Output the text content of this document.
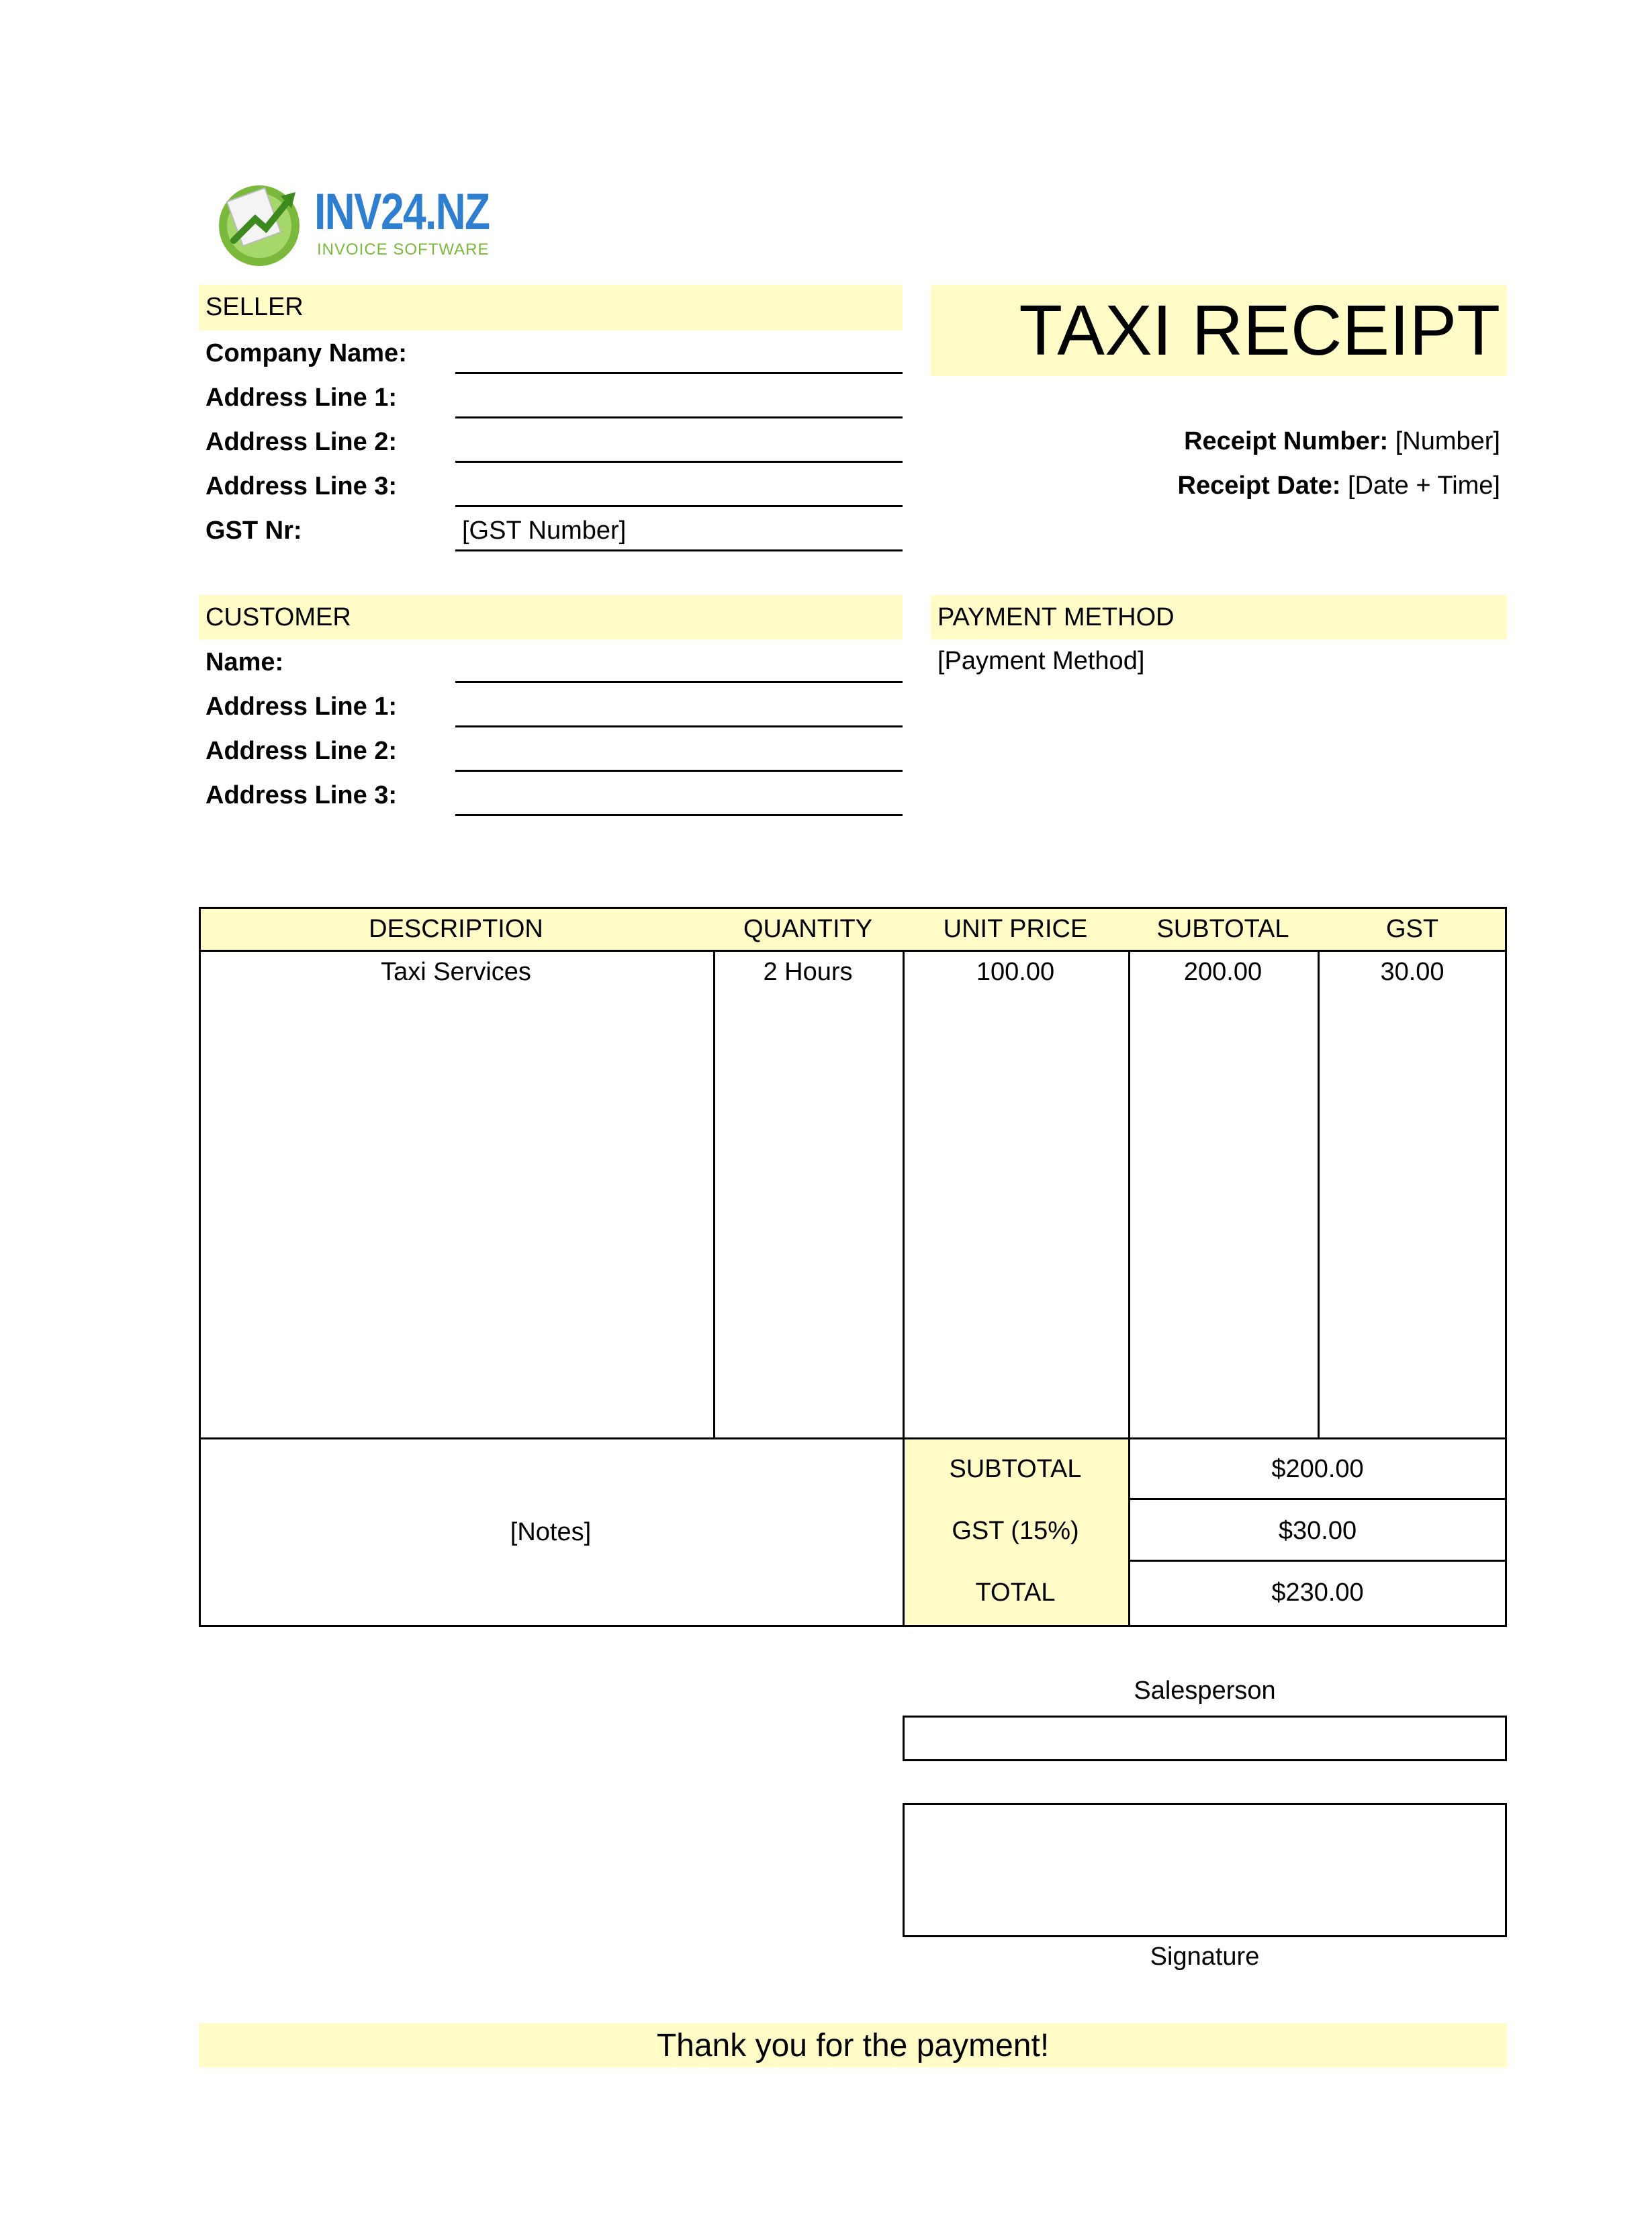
INV24.NZ
INVOICE SOFTWARE
SELLER
Company Name:
Address Line 1:
Address Line 2:
Address Line 3:
GST Nr:	[GST Number]
TAXI RECEIPT
Receipt Number: [Number]
Receipt Date: [Date + Time]
CUSTOMER
Name:
Address Line 1:
Address Line 2:
Address Line 3:
PAYMENT METHOD
[Payment Method]
DESCRIPTION	QUANTITY	UNIT PRICE	SUBTOTAL	GST
Taxi Services	2 Hours	100.00	200.00	30.00
[Notes]
SUBTOTAL	$200.00
GST (15%)	$30.00
TOTAL	$230.00
Salesperson
Signature
Thank you for the payment!
